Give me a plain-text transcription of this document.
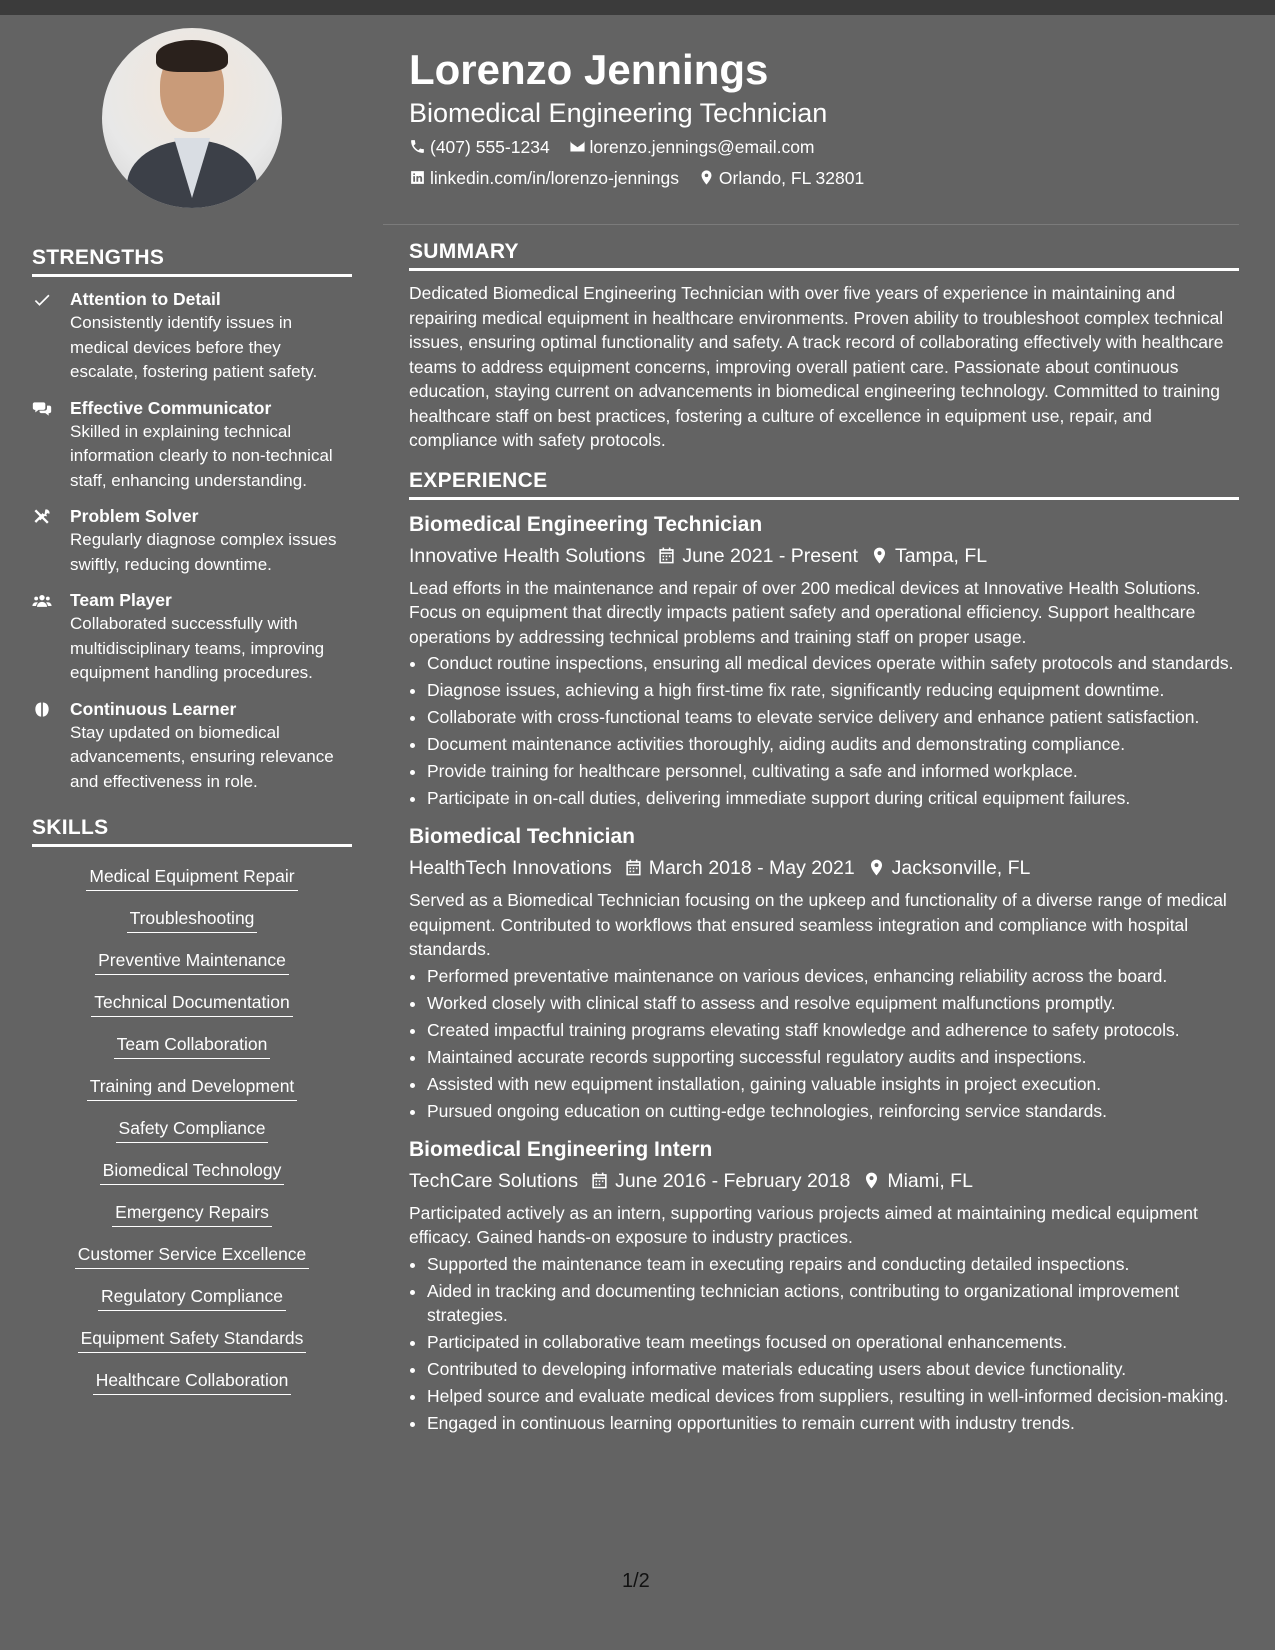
STRENGTHS
Attention to Detail
Consistently identify issues in medical devices before they escalate, fostering patient safety.
Effective Communicator
Skilled in explaining technical information clearly to non-technical staff, enhancing understanding.
Problem Solver
Regularly diagnose complex issues swiftly, reducing downtime.
Team Player
Collaborated successfully with multidisciplinary teams, improving equipment handling procedures.
Continuous Learner
Stay updated on biomedical advancements, ensuring relevance and effectiveness in role.
SKILLS
Medical Equipment Repair
Troubleshooting
Preventive Maintenance
Technical Documentation
Team Collaboration
Training and Development
Safety Compliance
Biomedical Technology
Emergency Repairs
Customer Service Excellence
Regulatory Compliance
Equipment Safety Standards
Healthcare Collaboration
Lorenzo Jennings
Biomedical Engineering Technician
(407) 555-1234 lorenzo.jennings@email.com
linkedin.com/in/lorenzo-jennings Orlando, FL 32801
SUMMARY
Dedicated Biomedical Engineering Technician with over five years of experience in maintaining and repairing medical equipment in healthcare environments. Proven ability to troubleshoot complex technical issues, ensuring optimal functionality and safety. A track record of collaborating effectively with healthcare teams to address equipment concerns, improving overall patient care. Passionate about continuous education, staying current on advancements in biomedical engineering technology. Committed to training healthcare staff on best practices, fostering a culture of excellence in equipment use, repair, and compliance with safety protocols.
EXPERIENCE
Biomedical Engineering Technician
Innovative Health Solutions June 2021 - Present Tampa, FL
Lead efforts in the maintenance and repair of over 200 medical devices at Innovative Health Solutions. Focus on equipment that directly impacts patient safety and operational efficiency. Support healthcare operations by addressing technical problems and training staff on proper usage.
• Conduct routine inspections, ensuring all medical devices operate within safety protocols and standards.
• Diagnose issues, achieving a high first-time fix rate, significantly reducing equipment downtime.
• Collaborate with cross-functional teams to elevate service delivery and enhance patient satisfaction.
• Document maintenance activities thoroughly, aiding audits and demonstrating compliance.
• Provide training for healthcare personnel, cultivating a safe and informed workplace.
• Participate in on-call duties, delivering immediate support during critical equipment failures.
Biomedical Technician
HealthTech Innovations March 2018 - May 2021 Jacksonville, FL
Served as a Biomedical Technician focusing on the upkeep and functionality of a diverse range of medical equipment. Contributed to workflows that ensured seamless integration and compliance with hospital standards.
• Performed preventative maintenance on various devices, enhancing reliability across the board.
• Worked closely with clinical staff to assess and resolve equipment malfunctions promptly.
• Created impactful training programs elevating staff knowledge and adherence to safety protocols.
• Maintained accurate records supporting successful regulatory audits and inspections.
• Assisted with new equipment installation, gaining valuable insights in project execution.
• Pursued ongoing education on cutting-edge technologies, reinforcing service standards.
Biomedical Engineering Intern
TechCare Solutions June 2016 - February 2018 Miami, FL
Participated actively as an intern, supporting various projects aimed at maintaining medical equipment efficacy. Gained hands-on exposure to industry practices.
• Supported the maintenance team in executing repairs and conducting detailed inspections.
• Aided in tracking and documenting technician actions, contributing to organizational improvement strategies.
• Participated in collaborative team meetings focused on operational enhancements.
• Contributed to developing informative materials educating users about device functionality.
• Helped source and evaluate medical devices from suppliers, resulting in well-informed decision-making.
• Engaged in continuous learning opportunities to remain current with industry trends.
1/2
